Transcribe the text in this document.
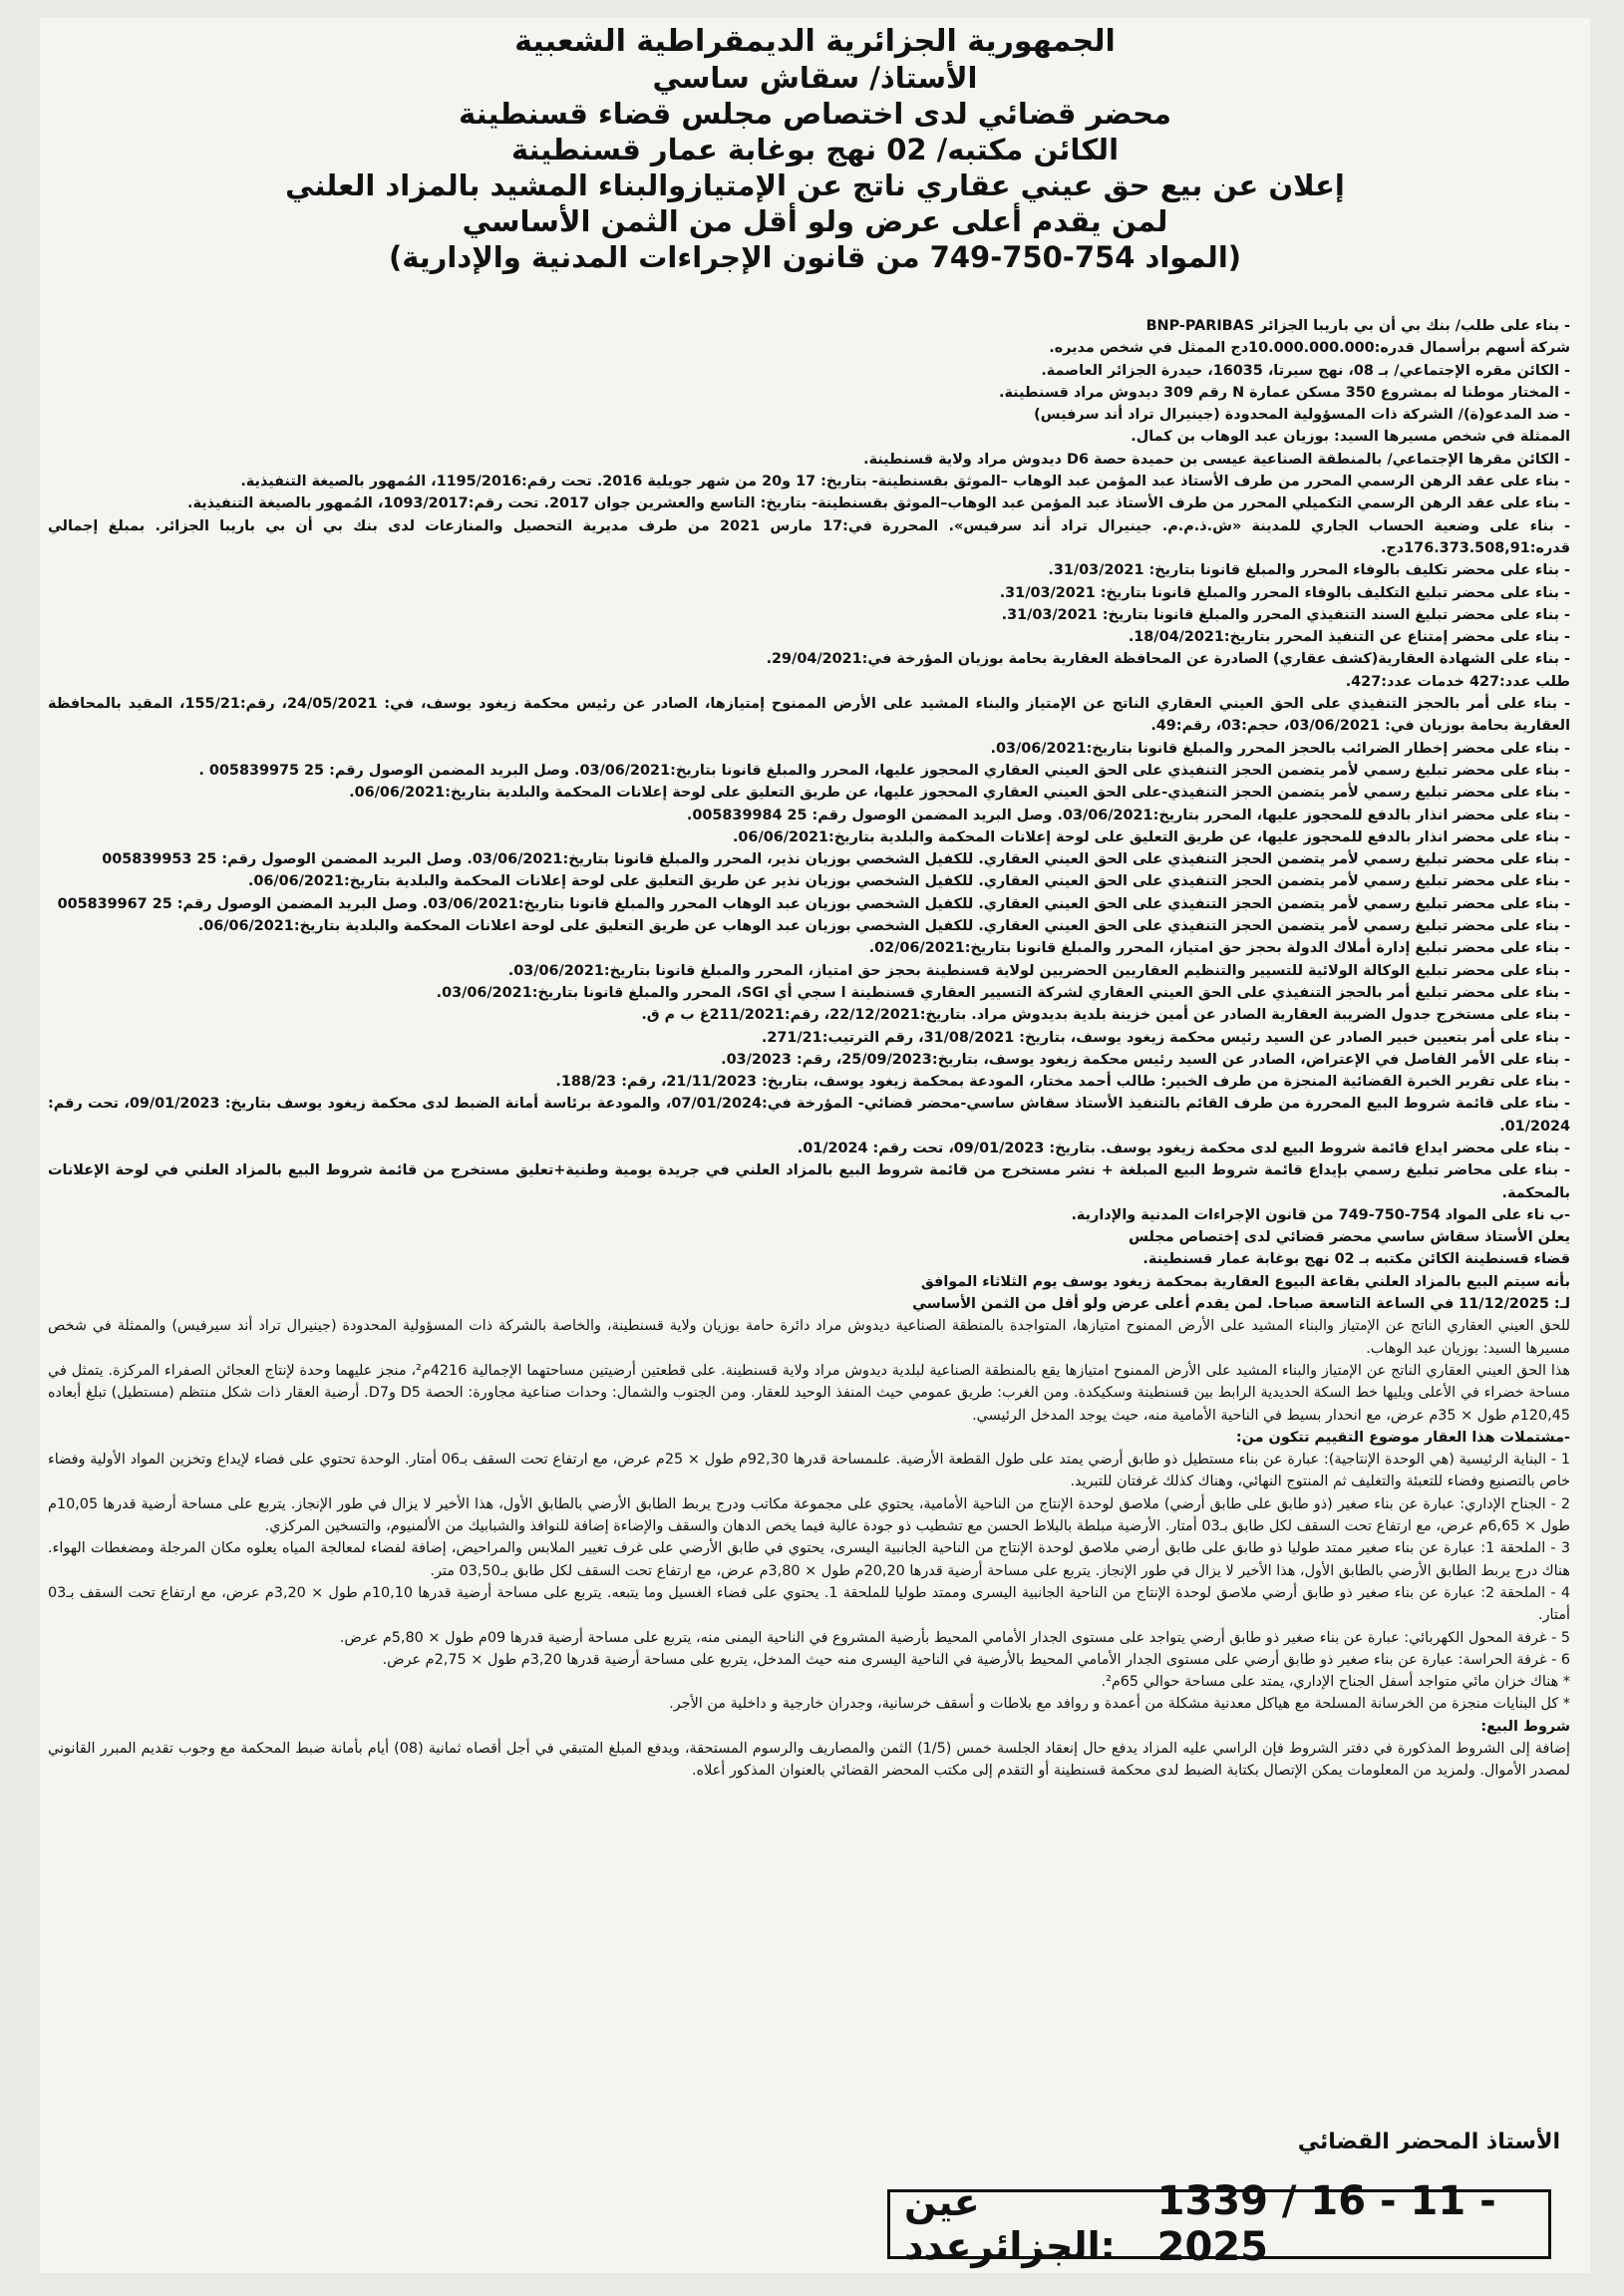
الجمهورية الجزائرية الديمقراطية الشعبية
الأستاذ/ سقاش ساسي
محضر قضائي لدى اختصاص مجلس قضاء قسنطينة
الكائن مكتبه/ 02 نهج بوغابة عمار قسنطينة
إعلان عن بيع حق عيني عقاري ناتج عن الإمتيازوالبناء المشيد بالمزاد العلني
لمن يقدم أعلى عرض ولو أقل من الثمن الأساسي
(المواد 754-750-749 من قانون الإجراءات المدنية والإدارية)

- بناء على طلب/ بنك بي أن بي باريبا الجزائر BNP-PARIBAS

شركة أسهم برأسمال قدره:10.000.000.000دج الممثل في شخص مديره.

- الكائن مقره الإجتماعي/ بـ 08، نهج سيرتا، 16035، حيدرة الجزائر العاصمة.

- المختار موطنا له بمشروع 350 مسكن عمارة N رقم 309 ديدوش مراد قسنطينة.

- ضد المدعو(ة)/ الشركة ذات المسؤولية المحدودة (جينيرال تراد أند سرفيس)

الممثلة في شخص مسيرها السيد: بوزيان عبد الوهاب بن كمال.

- الكائن مقرها الإجتماعي/ بالمنطقة الصناعية عيسى بن حميدة حصة D6 ديدوش مراد ولاية قسنطينة.

- بناء على عقد الرهن الرسمي المحرر من طرف الأستاذ عبد المؤمن عبد الوهاب –الموثق بقسنطينة- بتاريخ: 17 و20 من شهر جويلية 2016. تحت رقم:1195/2016، المُمهور بالصيغة التنفيذية.

- بناء على عقد الرهن الرسمي التكميلي المحرر من طرف الأستاذ عبد المؤمن عبد الوهاب–الموثق بقسنطينة- بتاريخ: التاسع والعشرين جوان 2017. تحت رقم:1093/2017، المُمهور بالصيغة التنفيذية.

- بناء على وضعية الحساب الجاري للمدينة «ش.ذ.م.م. جينيرال تراد أند سرفيس». المحررة في:17 مارس 2021 من طرف مديرية التحصيل والمنازعات لدى بنك بي أن بي باريبا الجزائر. بمبلغ إجمالي قدره:176.373.508,91دج.

- بناء على محضر تكليف بالوفاء المحرر والمبلغ قانونا بتاريخ: 31/03/2021.

- بناء على محضر تبليغ التكليف بالوفاء المحرر والمبلغ قانونا بتاريخ: 31/03/2021.

- بناء على محضر تبليغ السند التنفيذي المحرر والمبلغ قانونا بتاريخ: 31/03/2021.

- بناء على محضر إمتناع عن التنفيذ المحرر بتاريخ:18/04/2021.

- بناء على الشهادة العقارية(كشف عقاري) الصادرة عن المحافظة العقارية بحامة بوزيان المؤرخة في:29/04/2021.

طلب عدد:427 خدمات عدد:427.

- بناء على أمر بالحجز التنفيذي على الحق العيني العقاري الناتج عن الإمتياز والبناء المشيد على الأرض الممنوح إمتيازها، الصادر عن رئيس محكمة زيغود يوسف، في: 24/05/2021، رقم:155/21، المقيد بالمحافظة العقارية بحامة بوزيان في: 03/06/2021، حجم:03، رقم:49.

- بناء على محضر إخطار الضرائب بالحجز المحرر والمبلغ قانونا بتاريخ:03/06/2021.

- بناء على محضر تبليغ رسمي لأمر يتضمن الحجز التنفيذي على الحق العيني العقاري المحجوز عليها، المحرر والمبلغ قانونا بتاريخ:03/06/2021. وصل البريد المضمن الوصول رقم: 25 005839975 .

- بناء على محضر تبليغ رسمي لأمر يتضمن الحجز التنفيذي-على الحق العيني العقاري المحجوز عليها، عن طريق التعليق على لوحة إعلانات المحكمة والبلدية بتاريخ:06/06/2021.

- بناء على محضر انذار بالدفع للمحجوز عليها، المحرر بتاريخ:03/06/2021. وصل البريد المضمن الوصول رقم: 25 005839984.

- بناء على محضر انذار بالدفع للمحجوز عليها، عن طريق التعليق على لوحة إعلانات المحكمة والبلدية بتاريخ:06/06/2021.

- بناء على محضر تبليغ رسمي لأمر يتضمن الحجز التنفيذي على الحق العيني العقاري. للكفيل الشخصي بوزيان نذير، المحرر والمبلغ قانونا بتاريخ:03/06/2021. وصل البريد المضمن الوصول رقم: 25 005839953

- بناء على محضر تبليغ رسمي لأمر يتضمن الحجز التنفيذي على الحق العيني العقاري. للكفيل الشخصي بوزيان نذير عن طريق التعليق على لوحة إعلانات المحكمة والبلدية بتاريخ:06/06/2021.

- بناء على محضر تبليغ رسمي لأمر يتضمن الحجز التنفيذي على الحق العيني العقاري. للكفيل الشخصي بوزيان عبد الوهاب المحرر والمبلغ قانونا بتاريخ:03/06/2021. وصل البريد المضمن الوصول رقم: 25 005839967

- بناء على محضر تبليغ رسمي لأمر يتضمن الحجز التنفيذي على الحق العيني العقاري. للكفيل الشخصي بوزيان عبد الوهاب عن طريق التعليق على لوحة اعلانات المحكمة والبلدية بتاريخ:06/06/2021.

- بناء على محضر تبليغ إدارة أملاك الدولة بحجز حق امتياز، المحرر والمبلغ قانونا بتاريخ:02/06/2021.

- بناء على محضر تبليغ الوكالة الولائية للتسيير والتنظيم العقاريين الحضريين لولاية قسنطينة بحجز حق امتياز، المحرر والمبلغ قانونا بتاريخ:03/06/2021.

- بناء على محضر تبليغ أمر بالحجز التنفيذي على الحق العيني العقاري لشركة التسيير العقاري قسنطينة ا سجي أي SGI، المحرر والمبلغ قانونا بتاريخ:03/06/2021.

- بناء على مستخرج جدول الضريبة العقارية الصادر عن أمين خزينة بلدية بديدوش مراد. بتاريخ:22/12/2021، رقم:211/2021غ ب م ق.

- بناء على أمر بتعيين خبير الصادر عن السيد رئيس محكمة زيغود يوسف، بتاريخ: 31/08/2021، رقم الترتيب:271/21.

- بناء على الأمر الفاصل في الإعتراض، الصادر عن السيد رئيس محكمة زيغود يوسف، بتاريخ:25/09/2023، رقم: 03/2023.

- بناء على تقرير الخبرة القضائية المنجزة من طرف الخبير: طالب أحمد مختار، المودعة بمحكمة زيغود يوسف، بتاريخ: 21/11/2023، رقم: 188/23.

- بناء على قائمة شروط البيع المحررة من طرف القائم بالتنفيذ الأستاذ سقاش ساسي-محضر قضائي- المؤرخة في:07/01/2024، والمودعة برئاسة أمانة الضبط لدى محكمة زيغود يوسف بتاريخ: 09/01/2023، تحت رقم: 01/2024.

- بناء على محضر ايداع قائمة شروط البيع لدى محكمة زيغود يوسف. بتاريخ: 09/01/2023، تحت رقم: 01/2024.

- بناء على محاضر تبليغ رسمي بإيداع قائمة شروط البيع المبلغة + نشر مستخرج من قائمة شروط البيع بالمزاد العلني في جريدة يومية وطنية+تعليق مستخرج من قائمة شروط البيع بالمزاد العلني في لوحة الإعلانات بالمحكمة.

-ب ناء على المواد 754-750-749 من قانون الإجراءات المدنية والإدارية.

يعلن الأستاذ سقاش ساسي محضر قضائي لدى إختصاص مجلس

قضاء قسنطينة الكائن مكتبه بـ 02 نهج بوغابة عمار قسنطينة.

بأنه سيتم البيع بالمزاد العلني بقاعة البيوع العقارية بمحكمة زيغود يوسف يوم الثلاثاء الموافق

لـ: 11/12/2025 في الساعة التاسعة صباحا. لمن يقدم أعلى عرض ولو أقل من الثمن الأساسي

للحق العيني العقاري الناتج عن الإمتياز والبناء المشيد على الأرض الممنوح امتيازها، المتواجدة بالمنطقة الصناعية ديدوش مراد دائرة حامة بوزيان ولاية قسنطينة، والخاصة بالشركة ذات المسؤولية المحدودة (جينيرال تراد أند سيرفيس) والممثلة في شخص مسيرها السيد: بوزيان عبد الوهاب.

هذا الحق العيني العقاري الناتج عن الإمتياز والبناء المشيد على الأرض الممنوح امتيازها يقع بالمنطقة الصناعية لبلدية ديدوش مراد ولاية قسنطينة. على قطعتين أرضيتين مساحتهما الإجمالية 4216م²، منجز عليهما وحدة لإنتاج العجائن الصفراء المركزة. يتمثل في مساحة خضراء في الأعلى ويليها خط السكة الحديدية الرابط بين قسنطينة وسكيكدة. ومن الغرب: طريق عمومي حيث المنفذ الوحيد للعقار. ومن الجنوب والشمال: وحدات صناعية مجاورة: الحصة D5 وD7. أرضية العقار ذات شكل منتظم (مستطيل) تبلغ أبعاده 120,45م طول × 35م عرض، مع انحدار بسيط في الناحية الأمامية منه، حيث يوجد المدخل الرئيسي.

-مشتملات هذا العقار موضوع التقييم تتكون من:

1 - البناية الرئيسية (هي الوحدة الإنتاجية): عبارة عن بناء مستطيل ذو طابق أرضي يمتد على طول القطعة الأرضية. علىمساحة قدرها 92,30م طول × 25م عرض، مع ارتفاع تحت السقف بـ06 أمتار. الوحدة تحتوي على فضاء لإيداع وتخزين المواد الأولية وفضاء خاص بالتصنيع وفضاء للتعبئة والتغليف ثم المنتوج النهائي، وهناك كذلك غرفتان للتبريد.

2 - الجناح الإداري: عبارة عن بناء صغير (ذو طابق على طابق أرضي) ملاصق لوحدة الإنتاج من الناحية الأمامية، يحتوي على مجموعة مكاتب ودرج يربط الطابق الأرضي بالطابق الأول، هذا الأخير لا يزال في طور الإنجاز. يتربع على مساحة أرضية قدرها 10,05م طول × 6,65م عرض، مع ارتفاع تحت السقف لكل طابق بـ03 أمتار. الأرضية مبلطة بالبلاط الحسن مع تشطيب ذو جودة عالية فيما يخص الدهان والسقف والإضاءة إضافة للنوافذ والشبابيك من الألمنيوم، والتسخين المركزي.

3 - الملحقة 1: عبارة عن بناء صغير ممتد طوليا ذو طابق على طابق أرضي ملاصق لوحدة الإنتاج من الناحية الجانبية اليسرى، يحتوي في طابق الأرضي على غرف تغيير الملابس والمراحيض، إضافة لفضاء لمعالجة المياه يعلوه مكان المرجلة ومضغطات الهواء. هناك درج يربط الطابق الأرضي بالطابق الأول، هذا الأخير لا يزال في طور الإنجاز. يتربع على مساحة أرضية قدرها 20,20م طول × 3,80م عرض، مع ارتفاع تحت السقف لكل طابق بـ03,50 متر.

4 - الملحقة 2: عبارة عن بناء صغير ذو طابق أرضي ملاصق لوحدة الإنتاج من الناحية الجانبية اليسرى وممتد طوليا للملحقة 1. يحتوي على فضاء الغسيل وما يتبعه. يتربع على مساحة أرضية قدرها 10,10م طول × 3,20م عرض، مع ارتفاع تحت السقف بـ03 أمتار.

5 - غرفة المحول الكهربائي: عبارة عن بناء صغير ذو طابق أرضي يتواجد على مستوى الجدار الأمامي المحيط بأرضية المشروع في الناحية اليمنى منه، يتربع على مساحة أرضية قدرها 09م طول × 5,80م عرض.

6 - غرفة الحراسة: عبارة عن بناء صغير ذو طابق أرضي على مستوى الجدار الأمامي المحيط بالأرضية في الناحية اليسرى منه حيث المدخل، يتربع على مساحة أرضية قدرها 3,20م طول × 2,75م عرض.

* هناك خزان مائي متواجد أسفل الجناح الإداري، يمتد على مساحة حوالي 65م².

* كل البنايات منجزة من الخرسانة المسلحة مع هياكل معدنية مشكلة من أعمدة و روافد مع بلاطات و أسقف خرسانية، وجدران خارجية و داخلية من الأجر.

شروط البيع:

إضافة إلى الشروط المذكورة في دفتر الشروط فإن الراسي عليه المزاد يدفع حال إنعقاد الجلسة خمس (1/5) الثمن والمصاريف والرسوم المستحقة، ويدفع المبلغ المتبقي في أجل أقصاه ثمانية (08) أيام بأمانة ضبط المحكمة مع وجوب تقديم المبرر القانوني لمصدر الأموال. ولمزيد من المعلومات يمكن الإتصال بكتابة الضبط لدى محكمة قسنطينة أو التقدم إلى مكتب المحضر القضائي بالعنوان المذكور أعلاه.

الأستاذ المحضر القضائي
عين الجزائرعدد:
1339 / 16 - 11 - 2025
